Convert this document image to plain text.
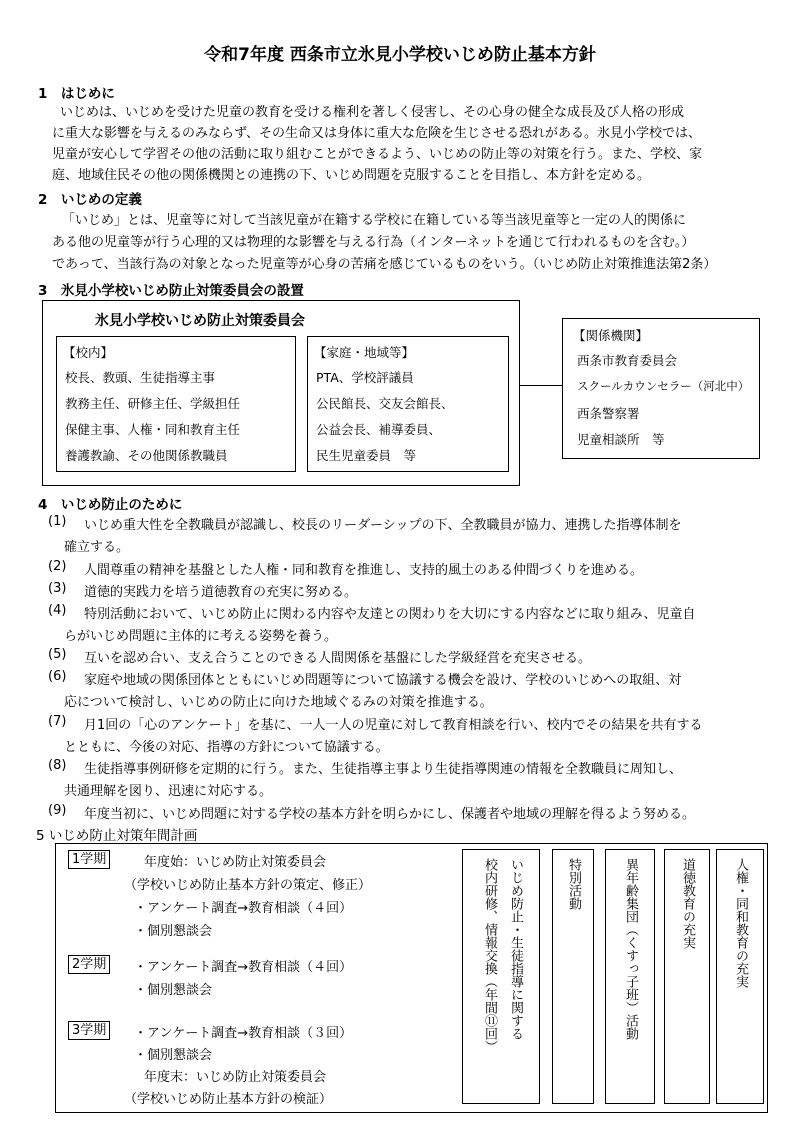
令和7年度 西条市立氷見小学校いじめ防止基本方針
1　はじめに
いじめは、いじめを受けた児童の教育を受ける権利を著しく侵害し、その心身の健全な成長及び人格の形成
に重大な影響を与えるのみならず、その生命又は身体に重大な危険を生じさせる恐れがある。氷見小学校では、
児童が安心して学習その他の活動に取り組むことができるよう、いじめの防止等の対策を行う。また、学校、家
庭、地域住民その他の関係機関との連携の下、いじめ問題を克服することを目指し、本方針を定める。
2　いじめの定義
「いじめ」とは、児童等に対して当該児童が在籍する学校に在籍している等当該児童等と一定の人的関係に
ある他の児童等が行う心理的又は物理的な影響を与える行為（インターネットを通じて行われるものを含む。）
であって、当該行為の対象となった児童等が心身の苦痛を感じているものをいう。（いじめ防止対策推進法第2条）
3　氷見小学校いじめ防止対策委員会の設置
氷見小学校いじめ防止対策委員会
【校内】
校長、教頭、生徒指導主事
教務主任、研修主任、学級担任
保健主事、人権・同和教育主任
養護教諭、その他関係教職員
【家庭・地域等】
PTA、学校評議員
公民館長、交友会館長、
公益会長、補導委員、
民生児童委員　等
【関係機関】
西条市教育委員会
スクールカウンセラー（河北中）
西条警察署
児童相談所　等
4　いじめ防止のために
(1) いじめ重大性を全教職員が認識し、校長のリーダーシップの下、全教職員が協力、連携した指導体制を
確立する。
(2) 人間尊重の精神を基盤とした人権・同和教育を推進し、支持的風土のある仲間づくりを進める。
(3) 道徳的実践力を培う道徳教育の充実に努める。
(4) 特別活動において、いじめ防止に関わる内容や友達との関わりを大切にする内容などに取り組み、児童自
らがいじめ問題に主体的に考える姿勢を養う。
(5) 互いを認め合い、支え合うことのできる人間関係を基盤にした学級経営を充実させる。
(6) 家庭や地域の関係団体とともにいじめ問題等について協議する機会を設け、学校のいじめへの取組、対
応について検討し、いじめの防止に向けた地域ぐるみの対策を推進する。
(7) 月1回の「心のアンケート」を基に、一人一人の児童に対して教育相談を行い、校内でその結果を共有する
とともに、今後の対応、指導の方針について協議する。
(8) 生徒指導事例研修を定期的に行う。また、生徒指導主事より生徒指導関連の情報を全教職員に周知し、
共通理解を図り、迅速に対応する。
(9) 年度当初に、いじめ問題に対する学校の基本方針を明らかにし、保護者や地域の理解を得るよう努める。
5 いじめ防止対策年間計画
1学期	年度始：いじめ防止対策委員会
（学校いじめ防止基本方針の策定、修正）
・アンケート調査→教育相談（４回）
・個別懇談会
2学期	・アンケート調査→教育相談（４回）
・個別懇談会
3学期	・アンケート調査→教育相談（３回）
・個別懇談会
年度末：いじめ防止対策委員会
（学校いじめ防止基本方針の検証）
いじめ防止・生徒指導に関する
校内研修、情報交換（年間⑪回）	特別活動	異年齢集団（くすっ子班）活動	道徳教育の充実	人権・同和教育の充実
